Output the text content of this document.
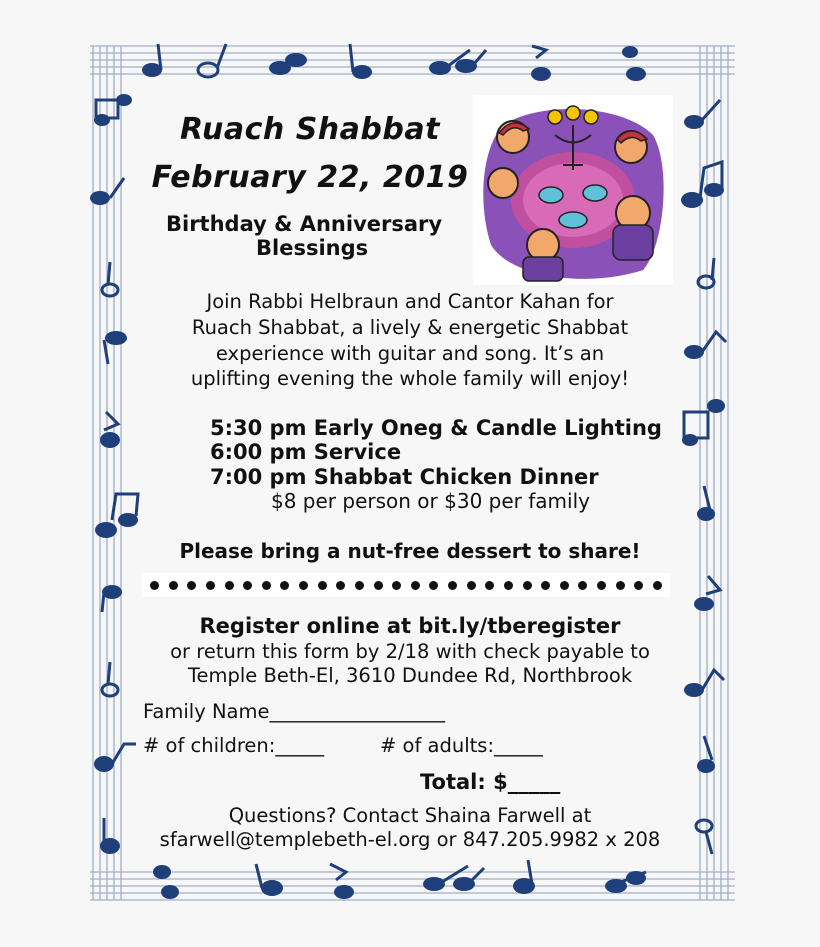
Ruach Shabbat
February 22, 2019
Birthday & Anniversary
Blessings
Join Rabbi Helbraun and Cantor Kahan for
Ruach Shabbat, a lively & energetic Shabbat
experience with guitar and song. It’s an
uplifting evening the whole family will enjoy!
5:30 pm Early Oneg & Candle Lighting
6:00 pm Service
7:00 pm Shabbat Chicken Dinner
$8 per person or $30 per family
Please bring a nut-free dessert to share!
Register online at bit.ly/tberegister
or return this form by 2/18 with check payable to
Temple Beth-El, 3610 Dundee Rd, Northbrook
Family Name__________________
# of children:_____	# of adults:_____
Total: $_____
Questions? Contact Shaina Farwell at
sfarwell@templebeth-el.org or 847.205.9982 x 208
